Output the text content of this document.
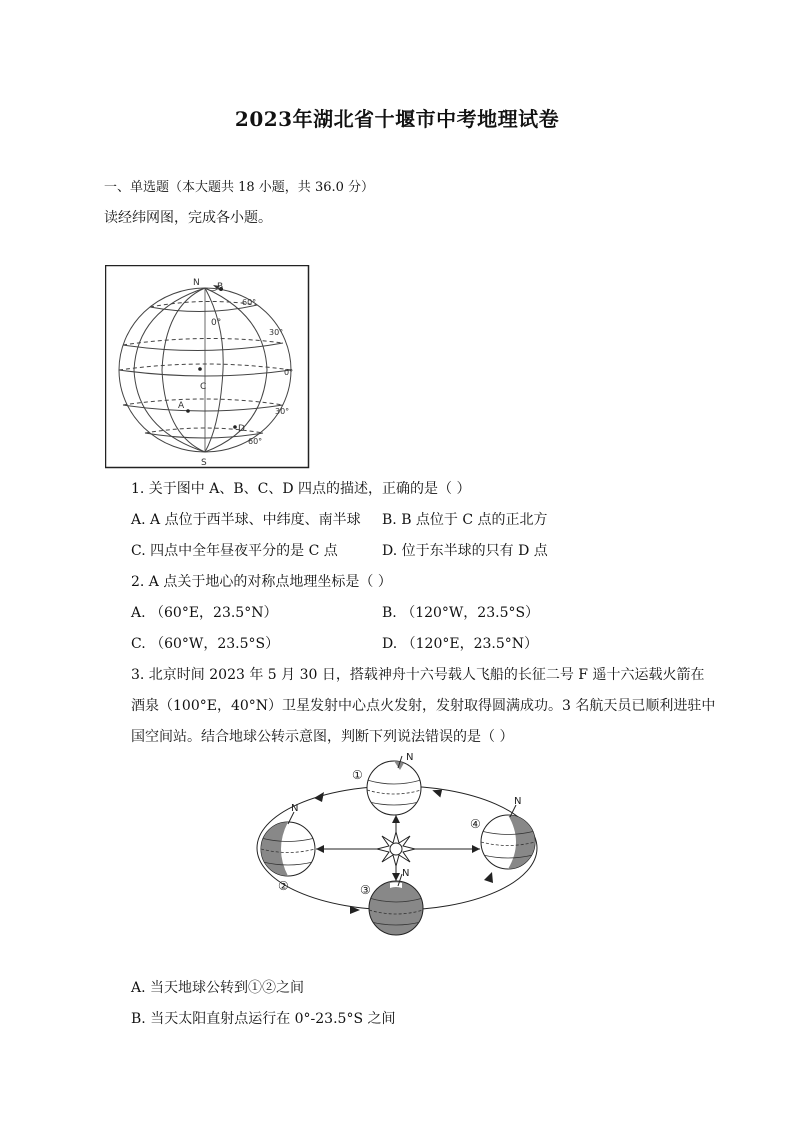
2023年湖北省十堰市中考地理试卷
一、单选题（本大题共 18 小题，共 36.0 分）
读经纬网图，完成各小题。
N
S
B
C
A
D
0°
60°
30°
0°
30°
60°
1. 关于图中 A、B、C、D 四点的描述，正确的是（ ）
A. A 点位于西半球、中纬度、南半球 B. B 点位于 C 点的正北方
C. 四点中全年昼夜平分的是 C 点	D. 位于东半球的只有 D 点
2. A 点关于地心的对称点地理坐标是（ ）
A. （60°E，23.5°N）	B. （120°W，23.5°S）
C. （60°W，23.5°S）	D. （120°E，23.5°N）
3. 北京时间 2023 年 5 月 30 日，搭载神舟十六号载人飞船的长征二号 F 遥十六运载火箭在
酒泉（100°E，40°N）卫星发射中心点火发射，发射取得圆满成功。3 名航天员已顺利进驻中
国空间站。结合地球公转示意图，判断下列说法错误的是（ ）
①
②	③
④
N
N
N
N
A. 当天地球公转到①②之间
B. 当天太阳直射点运行在 0°-23.5°S 之间
